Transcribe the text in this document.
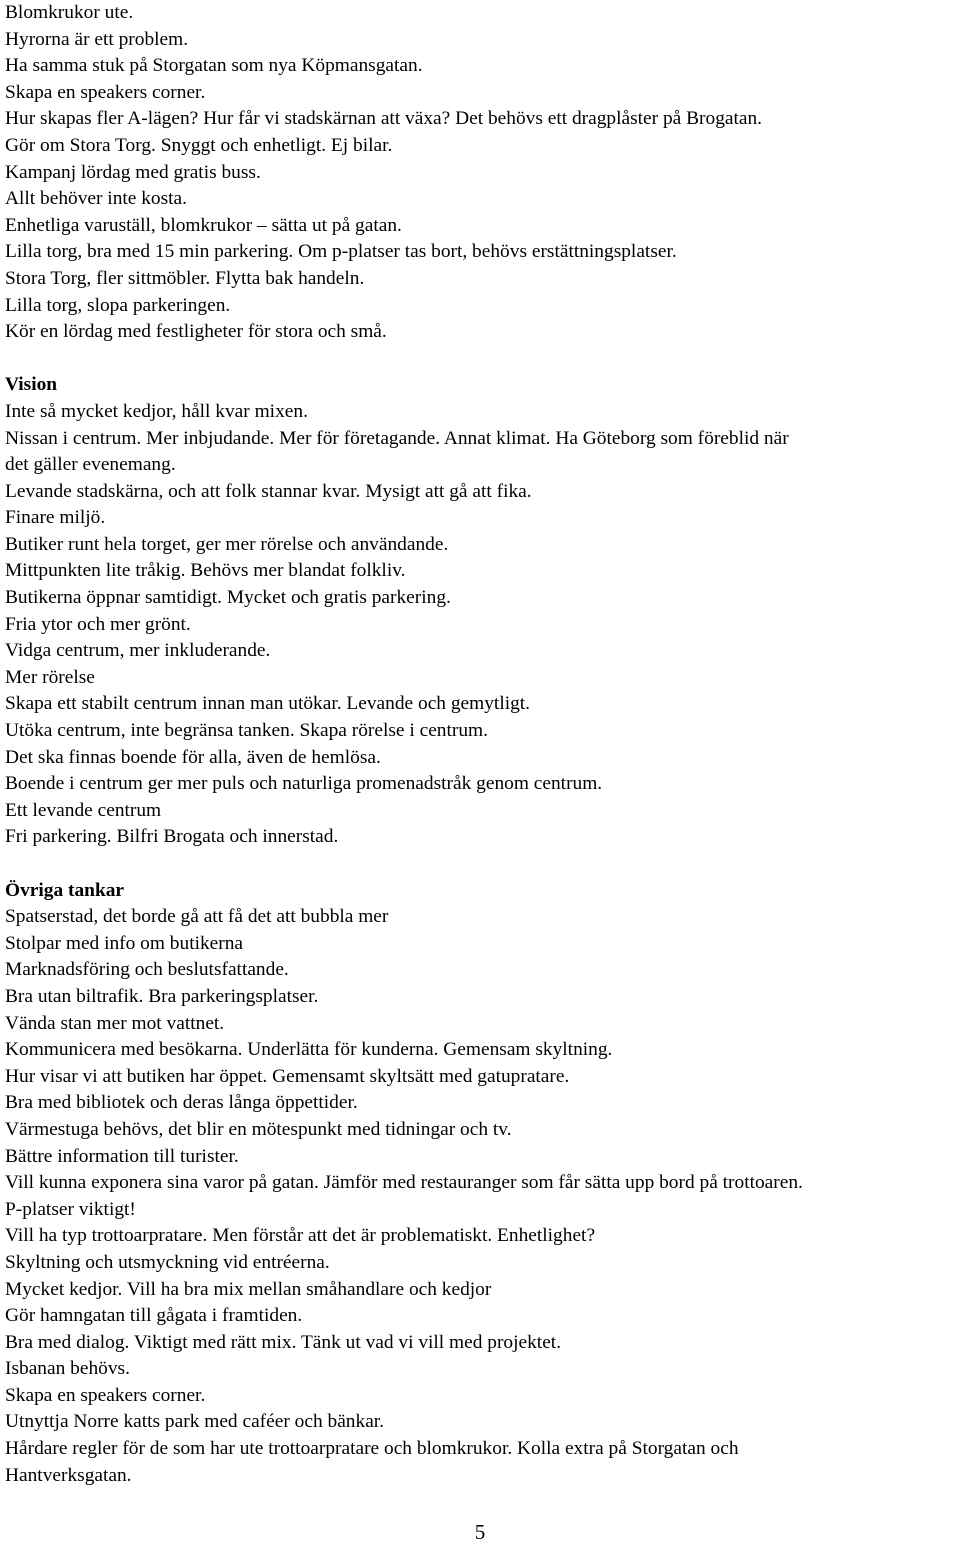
Blomkrukor ute.
Hyrorna är ett problem.
Ha samma stuk på Storgatan som nya Köpmansgatan.
Skapa en speakers corner.
Hur skapas fler A-lägen? Hur får vi stadskärnan att växa? Det behövs ett dragplåster på Brogatan.
Gör om Stora Torg. Snyggt och enhetligt. Ej bilar.
Kampanj lördag med gratis buss.
Allt behöver inte kosta.
Enhetliga varuställ, blomkrukor – sätta ut på gatan.
Lilla torg, bra med 15 min parkering. Om p-platser tas bort, behövs erstättningsplatser.
Stora Torg, fler sittmöbler. Flytta bak handeln.
Lilla torg, slopa parkeringen.
Kör en lördag med festligheter för stora och små.
Vision
Inte så mycket kedjor, håll kvar mixen.
Nissan i centrum. Mer inbjudande. Mer för företagande. Annat klimat. Ha Göteborg som föreblid när
det gäller evenemang.
Levande stadskärna, och att folk stannar kvar. Mysigt att gå att fika.
Finare miljö.
Butiker runt hela torget, ger mer rörelse och användande.
Mittpunkten lite tråkig. Behövs mer blandat folkliv.
Butikerna öppnar samtidigt. Mycket och gratis parkering.
Fria ytor och mer grönt.
Vidga centrum, mer inkluderande.
Mer rörelse
Skapa ett stabilt centrum innan man utökar. Levande och gemytligt.
Utöka centrum, inte begränsa tanken. Skapa rörelse i centrum.
Det ska finnas boende för alla, även de hemlösa.
Boende i centrum ger mer puls och naturliga promenadstråk genom centrum.
Ett levande centrum
Fri parkering. Bilfri Brogata och innerstad.
Övriga tankar
Spatserstad, det borde gå att få det att bubbla mer
Stolpar med info om butikerna
Marknadsföring och beslutsfattande.
Bra utan biltrafik. Bra parkeringsplatser.
Vända stan mer mot vattnet.
Kommunicera med besökarna. Underlätta för kunderna. Gemensam skyltning.
Hur visar vi att butiken har öppet. Gemensamt skyltsätt med gatupratare.
Bra med bibliotek och deras långa öppettider.
Värmestuga behövs, det blir en mötespunkt med tidningar och tv.
Bättre information till turister.
Vill kunna exponera sina varor på gatan. Jämför med restauranger som får sätta upp bord på trottoaren.
P-platser viktigt!
Vill ha typ trottoarpratare. Men förstår att det är problematiskt. Enhetlighet?
Skyltning och utsmyckning vid entréerna.
Mycket kedjor. Vill ha bra mix mellan småhandlare och kedjor
Gör hamngatan till gågata i framtiden.
Bra med dialog. Viktigt med rätt mix. Tänk ut vad vi vill med projektet.
Isbanan behövs.
Skapa en speakers corner.
Utnyttja Norre katts park med caféer och bänkar.
Hårdare regler för de som har ute trottoarpratare och blomkrukor. Kolla extra på Storgatan och
Hantverksgatan.
5
